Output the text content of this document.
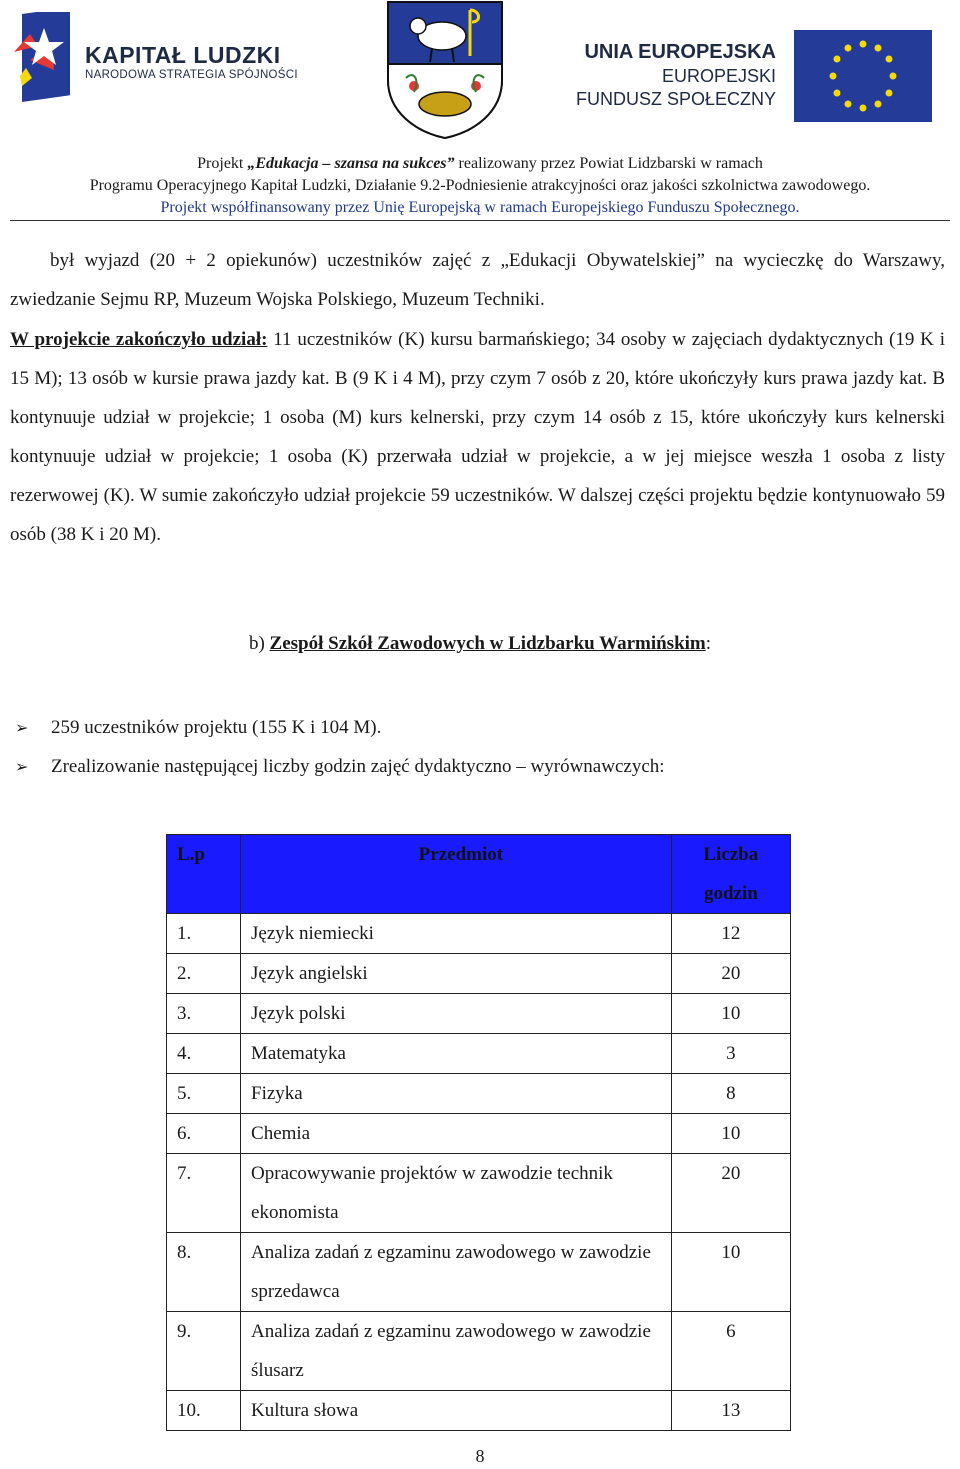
KAPITAŁ LUDZKI
NARODOWA STRATEGIA SPÓJNOŚCI
UNIA EUROPEJSKA
EUROPEJSKI
FUNDUSZ SPOŁECZNY
Projekt „Edukacja – szansa na sukces” realizowany przez Powiat Lidzbarski w ramach
Programu Operacyjnego Kapitał Ludzki, Działanie 9.2-Podniesienie atrakcyjności oraz jakości szkolnictwa zawodowego.
Projekt współfinansowany przez Unię Europejską w ramach Europejskiego Funduszu Społecznego.
był wyjazd (20 + 2 opiekunów) uczestników zajęć z „Edukacji Obywatelskiej” na wycieczkę do Warszawy, zwiedzanie Sejmu RP, Muzeum Wojska Polskiego, Muzeum Techniki.
W projekcie zakończyło udział: 11 uczestników (K) kursu barmańskiego; 34 osoby w zajęciach dydaktycznych (19 K i 15 M); 13 osób w kursie prawa jazdy kat. B (9 K i 4 M), przy czym 7 osób z 20, które ukończyły kurs prawa jazdy kat. B kontynuuje udział w projekcie; 1 osoba (M) kurs kelnerski, przy czym 14 osób z 15, które ukończyły kurs kelnerski kontynuuje udział w projekcie; 1 osoba (K) przerwała udział w projekcie, a w jej miejsce weszła 1 osoba z listy rezerwowej (K). W sumie zakończyło udział projekcie 59 uczestników. W dalszej części projektu będzie kontynuowało 59 osób (38 K i 20 M).
b) Zespół Szkół Zawodowych w Lidzbarku Warmińskim:
➢ 259 uczestników projektu (155 K i 104 M).
➢ Zrealizowanie następującej liczby godzin zajęć dydaktyczno – wyrównawczych:
L.p	Przedmiot	Liczba
godzin
1.	Język niemiecki	12
2.	Język angielski	20
3.	Język polski	10
4.	Matematyka	3
5.	Fizyka	8
6.	Chemia	10
7.	Opracowywanie projektów w zawodzie technik ekonomista	20
8.	Analiza zadań z egzaminu zawodowego w zawodzie sprzedawca	10
9.	Analiza zadań z egzaminu zawodowego w zawodzie ślusarz	6
10.	Kultura słowa	13
8
